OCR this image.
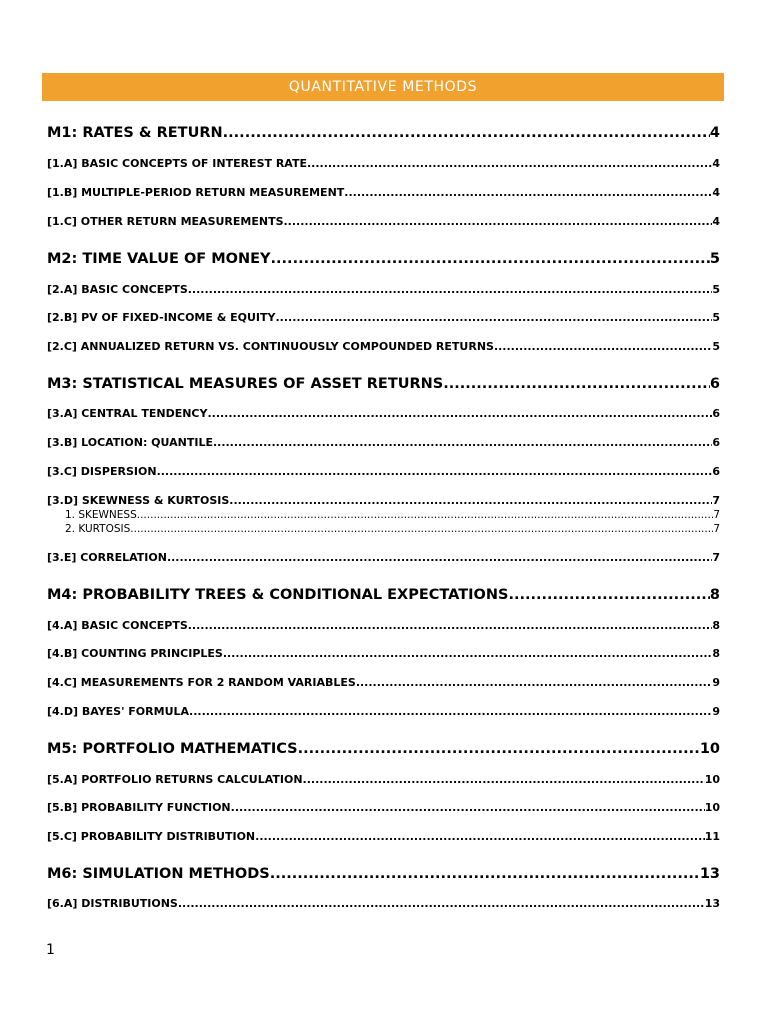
QUANTITATIVE METHODS
M1: RATES & RETURN .....	4
[1.A] BASIC CONCEPTS OF INTEREST RATE .....	4
[1.B] MULTIPLE-PERIOD RETURN MEASUREMENT .....	4
[1.C] OTHER RETURN MEASUREMENTS .....	4
M2: TIME VALUE OF MONEY .....	5
[2.A] BASIC CONCEPTS .....	5
[2.B] PV OF FIXED-INCOME & EQUITY .....	5
[2.C] ANNUALIZED RETURN VS. CONTINUOUSLY COMPOUNDED RETURNS .....	5
M3: STATISTICAL MEASURES OF ASSET RETURNS .....	6
[3.A] CENTRAL TENDENCY .....	6
[3.B] LOCATION: QUANTILE .....	6
[3.C] DISPERSION .....	6
[3.D] SKEWNESS & KURTOSIS .....	7
1. SKEWNESS .....	7
2. KURTOSIS .....	7
[3.E] CORRELATION .....	7
M4: PROBABILITY TREES & CONDITIONAL EXPECTATIONS .....	8
[4.A] BASIC CONCEPTS .....	8
[4.B] COUNTING PRINCIPLES .....	8
[4.C] MEASUREMENTS FOR 2 RANDOM VARIABLES .....	9
[4.D] BAYES' FORMULA .....	9
M5: PORTFOLIO MATHEMATICS .....	10
[5.A] PORTFOLIO RETURNS CALCULATION .....	10
[5.B] PROBABILITY FUNCTION .....	10
[5.C] PROBABILITY DISTRIBUTION .....	11
M6: SIMULATION METHODS .....	13
[6.A] DISTRIBUTIONS .....	13
1
